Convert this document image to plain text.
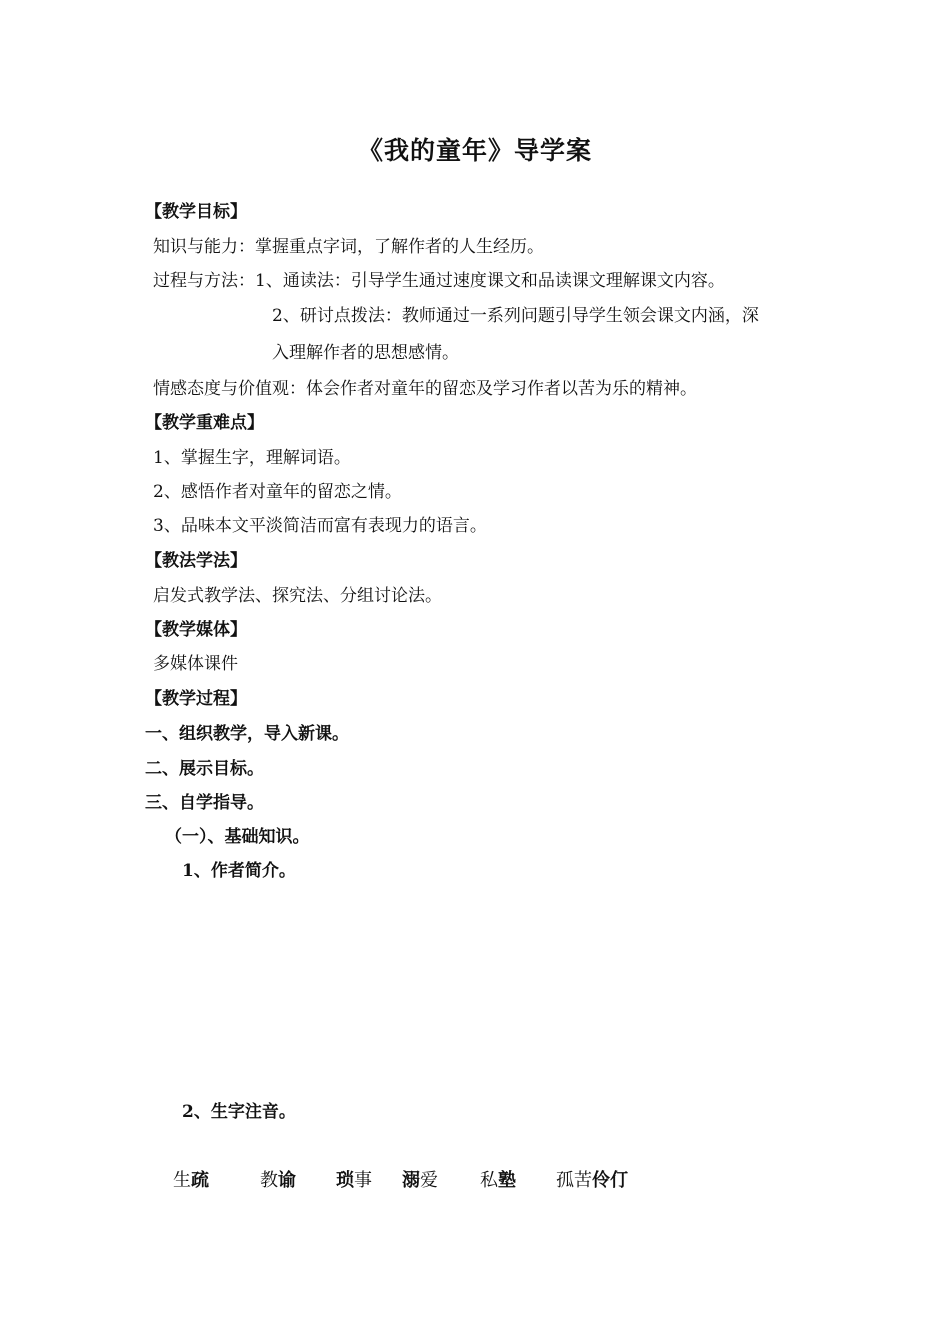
《我的童年》导学案
【教学目标】
知识与能力：掌握重点字词，了解作者的人生经历。
过程与方法：1、通读法：引导学生通过速度课文和品读课文理解课文内容。
2、研讨点拨法：教师通过一系列问题引导学生领会课文内涵，深
入理解作者的思想感情。
情感态度与价值观：体会作者对童年的留恋及学习作者以苦为乐的精神。
【教学重难点】
1、掌握生字，理解词语。
2、感悟作者对童年的留恋之情。
3、品味本文平淡简洁而富有表现力的语言。
【教法学法】
启发式教学法、探究法、分组讨论法。
【教学媒体】
多媒体课件
【教学过程】
一、组织教学，导入新课。
二、展示目标。
三、自学指导。
（一）、基础知识。
1、作者简介。
2、生字注音。
生疏	教谕 琐事 溺爱 私塾 孤苦伶仃
